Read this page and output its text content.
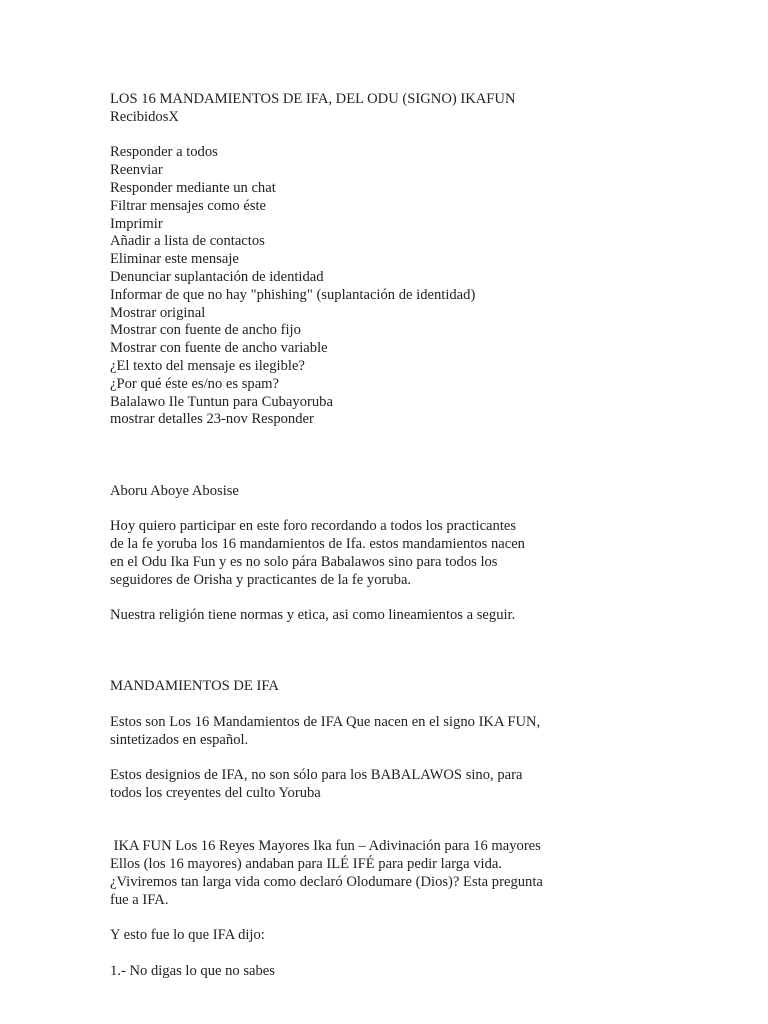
LOS 16 MANDAMIENTOS DE IFA, DEL ODU (SIGNO) IKAFUN
RecibidosX
Responder a todos
Reenviar
Responder mediante un chat
Filtrar mensajes como éste
Imprimir
Añadir a lista de contactos
Eliminar este mensaje
Denunciar suplantación de identidad
Informar de que no hay "phishing" (suplantación de identidad)
Mostrar original
Mostrar con fuente de ancho fijo
Mostrar con fuente de ancho variable
¿El texto del mensaje es ilegible?
¿Por qué éste es/no es spam?
Balalawo Ile Tuntun para Cubayoruba
mostrar detalles 23-nov Responder
Aboru Aboye Abosise
Hoy quiero participar en este foro recordando a todos los practicantes
de la fe yoruba los 16 mandamientos de Ifa. estos mandamientos nacen
en el Odu Ika Fun y es no solo pára Babalawos sino para todos los
seguidores de Orisha y practicantes de la fe yoruba.
Nuestra religión tiene normas y etica, asi como lineamientos a seguir.
MANDAMIENTOS DE IFA
Estos son Los 16 Mandamientos de IFA Que nacen en el signo IKA FUN,
sintetizados en español.
Estos designios de IFA, no son sólo para los BABALAWOS sino, para
todos los creyentes del culto Yoruba
IKA FUN Los 16 Reyes Mayores Ika fun – Adivinación para 16 mayores
Ellos (los 16 mayores) andaban para ILÉ IFÉ para pedir larga vida.
¿Viviremos tan larga vida como declaró Olodumare (Dios)? Esta pregunta
fue a IFA.
Y esto fue lo que IFA dijo:
1.- No digas lo que no sabes
